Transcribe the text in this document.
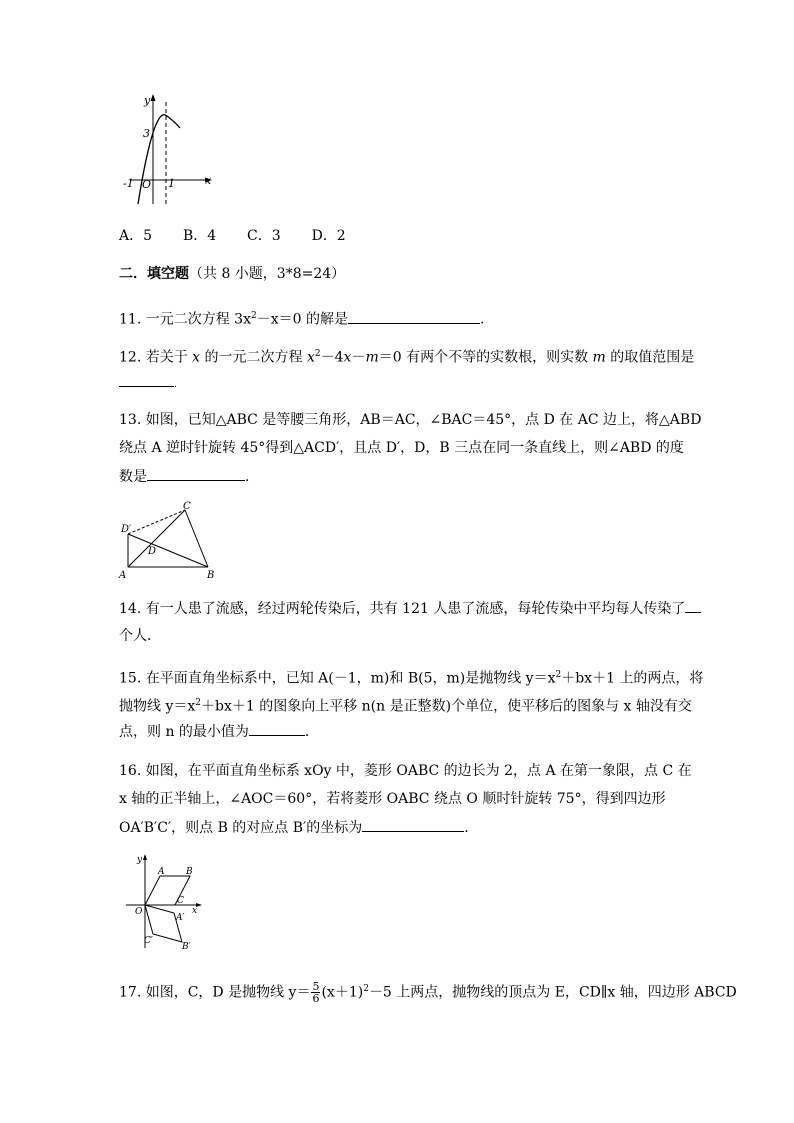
y
3
-1 O 1	x
A．5 B．4 C．3 D．2
二．填空题（共 8 小题，3*8=24）
11. 一元二次方程 $3x^2-x=0$ 的解是	.
12. 若关于 x 的一元二次方程 $x^2-4x-m=0$ 有两个不等的实数根，则实数 m 的取值范围是
.
13. 如图，已知△ABC 是等腰三角形，AB＝AC，∠BAC＝45°，点 D 在 AC 边上，将△ABD
绕点 A 逆时针旋转 45°得到△ACD′，且点 D′，D，B 三点在同一条直线上，则∠ABD 的度
数是	.
C
D′
D
A	B
14. 有一人患了流感，经过两轮传染后，共有 121 人患了流感，每轮传染中平均每人传染了
个人．
15. 在平面直角坐标系中，已知 A(－1，m)和 B(5，m)是抛物线 $y=x^2+bx+1$ 上的两点，将
抛物线 $y=x^2+bx+1$ 的图象向上平移 n(n 是正整数)个单位，使平移后的图象与 x 轴没有交
点，则 n 的最小值为	.
16. 如图，在平面直角坐标系 xOy 中，菱形 OABC 的边长为 2，点 A 在第一象限，点 C 在
x 轴的正半轴上，∠AOC＝60°，若将菱形 OABC 绕点 O 顺时针旋转 75°，得到四边形
OA′B′C′，则点 B 的对应点 B′的坐标为	.
y
A B
C
x
O
A′
C′
B′
17. 如图，C，D 是抛物线 $y= \frac{5}{6} (x+1)^2-5$ 上两点，抛物线的顶点为 E，CD∥x 轴，四边形 ABCD
